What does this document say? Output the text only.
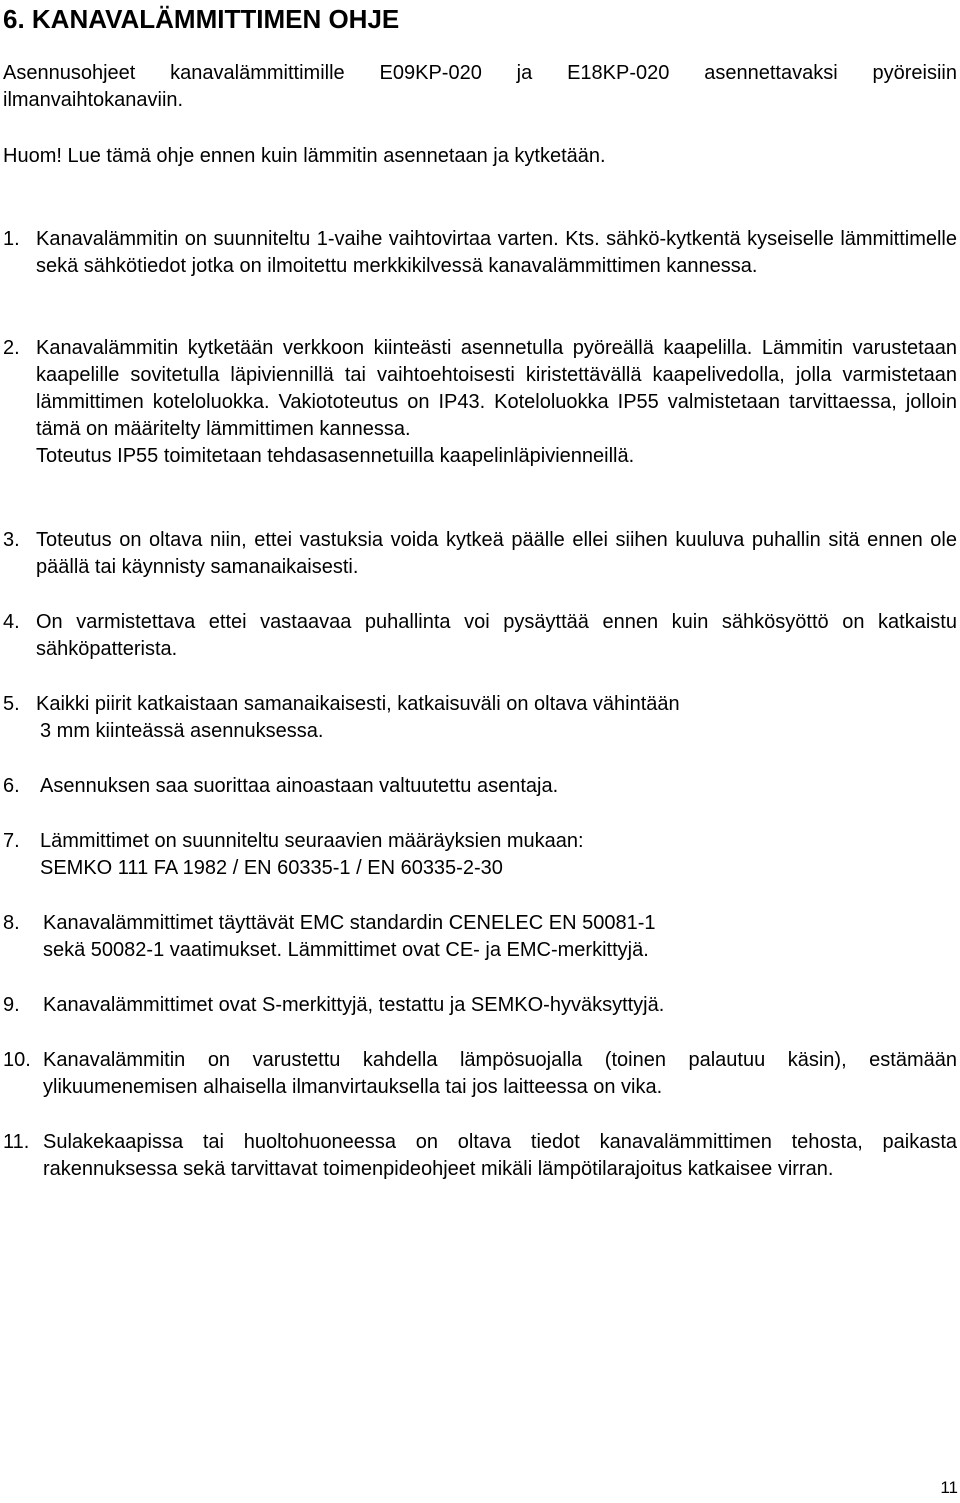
6. KANAVALÄMMITTIMEN OHJE

Asennusohjeet kanavalämmittimille E09KP-020 ja E18KP-020 asennettavaksi pyöreisiin ilmanvaihtokanaviin.

Huom! Lue tämä ohje ennen kuin lämmitin asennetaan ja kytketään.

1. Kanavalämmitin on suunniteltu 1-vaihe vaihtovirtaa varten. Kts. sähkö-kytkentä kyseiselle lämmittimelle sekä sähkötiedot jotka on ilmoitettu merkkikilvessä kanavalämmittimen kannessa.

2. Kanavalämmitin kytketään verkkoon kiinteästi asennetulla pyöreällä kaapelilla. Lämmitin varustetaan kaapelille sovitetulla läpiviennillä tai vaihtoehtoisesti kiristettävällä kaapelivedolla, jolla varmistetaan lämmittimen koteloluokka. Vakiototeutus on IP43. Koteloluokka IP55 valmistetaan tarvittaessa, jolloin tämä on määritelty lämmittimen kannessa.

Toteutus IP55 toimitetaan tehdasasennetuilla kaapelinläpivienneillä.

3. Toteutus on oltava niin, ettei vastuksia voida kytkeä päälle ellei siihen kuuluva puhallin sitä ennen ole päällä tai käynnisty samanaikaisesti.

4. On varmistettava ettei vastaavaa puhallinta voi pysäyttää ennen kuin sähkösyöttö on katkaistu sähköpatterista.

5. Kaikki piirit katkaistaan samanaikaisesti, katkaisuväli on oltava vähintään
3 mm kiinteässä asennuksessa.
6. Asennuksen saa suorittaa ainoastaan valtuutettu asentaja.
7. Lämmittimet on suunniteltu seuraavien määräyksien mukaan:
SEMKO 111 FA 1982 / EN 60335-1 / EN 60335-2-30
8. Kanavalämmittimet täyttävät EMC standardin CENELEC EN 50081-1
sekä 50082-1 vaatimukset. Lämmittimet ovat CE- ja EMC-merkittyjä.
9. Kanavalämmittimet ovat S-merkittyjä, testattu ja SEMKO-hyväksyttyjä.
10. Kanavalämmitin on varustettu kahdella lämpösuojalla (toinen palautuu käsin), estämään ylikuumenemisen alhaisella ilmanvirtauksella tai jos laitteessa on vika.

11. Sulakekaapissa tai huoltohuoneessa on oltava tiedot kanavalämmittimen tehosta, paikasta rakennuksessa sekä tarvittavat toimenpideohjeet mikäli lämpötilarajoitus katkaisee virran.

11
